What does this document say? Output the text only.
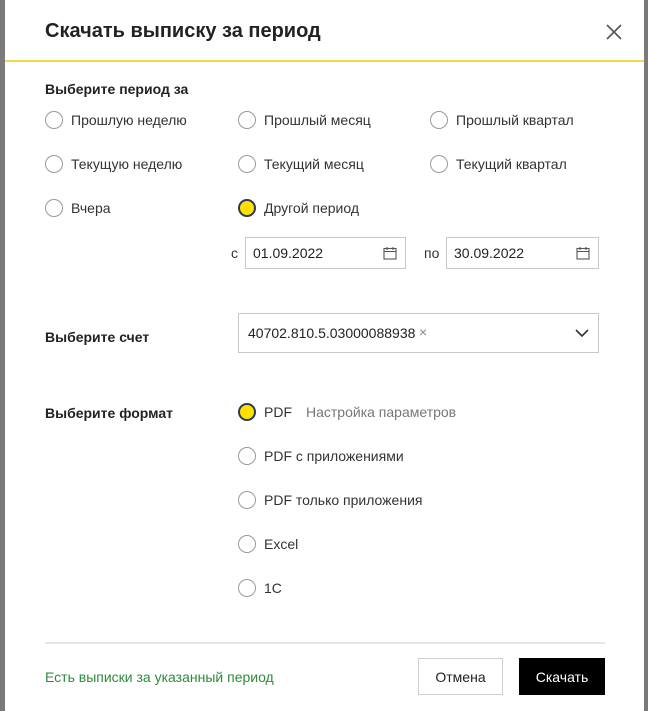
Скачать выписку за период
Выберите период за
Прошлую неделю	Прошлый месяц	Прошлый квартал
Текущую неделю	Текущий месяц	Текущий квартал
Вчера	Другой период
с	01.09.2022	по	30.09.2022
Выберите счет	40702.810.5.03000088938 ×
Выберите формат	PDF Настройка параметров
PDF с приложениями
PDF только приложения
Excel
1С
Есть выписки за указанный период	Отмена	Скачать
